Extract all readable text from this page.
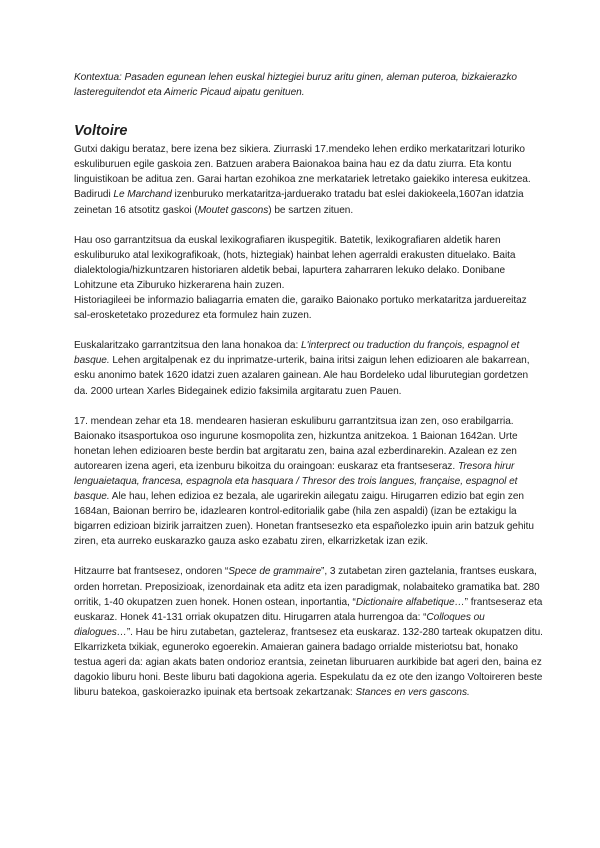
Kontextua: Pasaden egunean lehen euskal hiztegiei buruz aritu ginen, aleman puteroa, bizkaierazko lastereguitendot eta Aimeric Picaud aipatu genituen.

Voltoire

Gutxi dakigu berataz, bere izena bez sikiera. Ziurraski 17.mendeko lehen erdiko merkataritzari loturiko eskuliburuen egile gaskoia zen. Batzuen arabera Baionakoa baina hau ez da datu ziurra. Eta kontu linguistikoan be aditua zen. Garai hartan ezohikoa zne merkatariek letretako gaiekiko interesa eukitzea. Badirudi Le Marchand izenburuko merkataritza-jarduerako tratadu bat eslei dakiokeela,1607an idatzia zeinetan 16 atsotitz gaskoi (Moutet gascons) be sartzen zituen.

Hau oso garrantzitsua da euskal lexikografiaren ikuspegitik. Batetik, lexikografiaren aldetik haren eskuliburuko atal lexikografikoak, (hots, hiztegiak) hainbat lehen agerraldi erakusten dituelako. Baita dialektologia/hizkuntzaren historiaren aldetik bebai, lapurtera zaharraren lekuko delako. Donibane Lohitzune eta Ziburuko hizkerarena hain zuzen.

Historiagileei be informazio baliagarria ematen die, garaiko Baionako portuko merkataritza jarduereitaz sal-erosketetako prozedurez eta formulez hain zuzen.

Euskalaritzako garrantzitsua den lana honakoa da: L'interprect ou traduction du françois, espagnol et basque. Lehen argitalpenak ez du inprimatze-urterik, baina iritsi zaigun lehen edizioaren ale bakarrean, esku anonimo batek 1620 idatzi zuen azalaren gainean. Ale hau Bordeleko udal liburutegian gordetzen da. 2000 urtean Xarles Bidegainek edizio faksimila argitaratu zuen Pauen.

17. mendean zehar eta 18. mendearen hasieran eskuliburu garrantzitsua izan zen, oso erabilgarria. Baionako itsasportukoa oso ingurune kosmopolita zen, hizkuntza anitzekoa. 1 Baionan 1642an. Urte honetan lehen edizioaren beste berdin bat argitaratu zen, baina azal ezberdinarekin. Azalean ez zen autorearen izena ageri, eta izenburu bikoitza du oraingoan: euskaraz eta frantseseraz. Tresora hirur lenguaietaqua, francesa, espagnola eta hasquara / Thresor des trois langues, française, espagnol et basque. Ale hau, lehen edizioa ez bezala, ale ugarirekin ailegatu zaigu. Hirugarren edizio bat egin zen 1684an, Baionan berriro be, idazlearen kontrol-editorialik gabe (hila zen aspaldi) (izan be eztakigu la bigarren edizioan bizirik jarraitzen zuen). Honetan frantsesezko eta españolezko ipuin arin batzuk gehitu ziren, eta aurreko euskarazko gauza asko ezabatu ziren, elkarrizketak izan ezik.

Hitzaurre bat frantsesez, ondoren “Spece de grammaire”, 3 zutabetan ziren gaztelania, frantses euskara, orden horretan. Preposizioak, izenordainak eta aditz eta izen paradigmak, nolabaiteko gramatika bat. 280 orritik, 1-40 okupatzen zuen honek. Honen ostean, inportantia, “Dictionaire alfabetique…” frantseseraz eta euskaraz. Honek 41-131 orriak okupatzen ditu. Hirugarren atala hurrengoa da: “Colloques ou dialogues…”. Hau be hiru zutabetan, gazteleraz, frantsesez eta euskaraz. 132-280 tarteak okupatzen ditu. Elkarrizketa txikiak, eguneroko egoerekin. Amaieran gainera badago orrialde misteriotsu bat, honako testua ageri da: agian akats baten ondorioz erantsia, zeinetan liburuaren aurkibide bat ageri den, baina ez dagokio liburu honi. Beste liburu bati dagokiona ageria. Espekulatu da ez ote den izango Voltoireren beste liburu batekoa, gaskoierazko ipuinak eta bertsoak zekartzanak: Stances en vers gascons.
